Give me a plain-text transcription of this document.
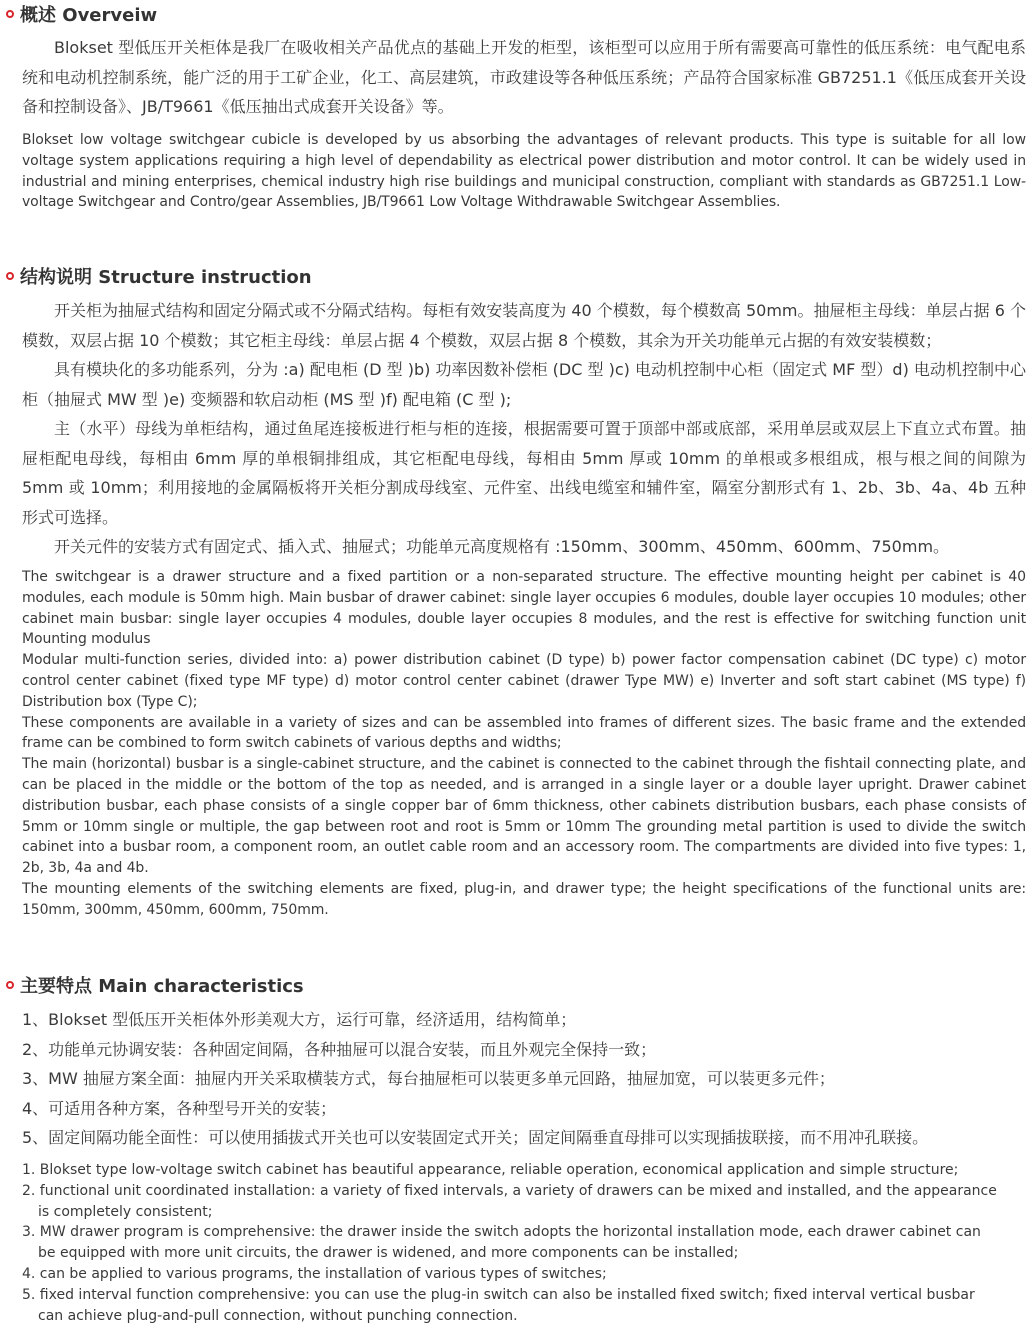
概述 Overveiw

Blokset 型低压开关柜体是我厂在吸收相关产品优点的基础上开发的柜型，该柜型可以应用于所有需要高可靠性的低压系统：电气配电系统和电动机控制系统，能广泛的用于工矿企业，化工、高层建筑，市政建设等各种低压系统；产品符合国家标准 GB7251.1《低压成套开关设备和控制设备》、JB/T9661《低压抽出式成套开关设备》等。

Blokset low voltage switchgear cubicle is developed by us absorbing the advantages of relevant products. This type is suitable for all low voltage system applications requiring a high level of dependability as electrical power distribution and motor control. It can be widely used in industrial and mining enterprises, chemical industry high rise buildings and municipal construction, compliant with standards as GB7251.1 Low-voltage Switchgear and Contro/gear Assemblies, JB/T9661 Low Voltage Withdrawable Switchgear Assemblies.

结构说明 Structure instruction

开关柜为抽屉式结构和固定分隔式或不分隔式结构。每柜有效安装高度为 40 个模数，每个模数高 50mm。抽屉柜主母线：单层占据 6 个模数，双层占据 10 个模数；其它柜主母线：单层占据 4 个模数，双层占据 8 个模数，其余为开关功能单元占据的有效安装模数；

具有模块化的多功能系列，分为 :a) 配电柜 (D 型 )b) 功率因数补偿柜 (DC 型 )c) 电动机控制中心柜（固定式 MF 型）d) 电动机控制中心柜（抽屉式 MW 型 )e) 变频器和软启动柜 (MS 型 )f) 配电箱 (C 型 );

主（水平）母线为单柜结构，通过鱼尾连接板进行柜与柜的连接，根据需要可置于顶部中部或底部，采用单层或双层上下直立式布置。抽屉柜配电母线，每相由 6mm 厚的单根铜排组成，其它柜配电母线，每相由 5mm 厚或 10mm 的单根或多根组成，根与根之间的间隙为 5mm 或 10mm；利用接地的金属隔板将开关柜分割成母线室、元件室、出线电缆室和辅件室，隔室分割形式有 1、2b、3b、4a、4b 五种形式可选择。

开关元件的安装方式有固定式、插入式、抽屉式；功能单元高度规格有 :150mm、300mm、450mm、600mm、750mm。

The switchgear is a drawer structure and a fixed partition or a non-separated structure. The effective mounting height per cabinet is 40 modules, each module is 50mm high. Main busbar of drawer cabinet: single layer occupies 6 modules, double layer occupies 10 modules; other cabinet main busbar: single layer occupies 4 modules, double layer occupies 8 modules, and the rest is effective for switching function unit Mounting modulus

Modular multi-function series, divided into: a) power distribution cabinet (D type) b) power factor compensation cabinet (DC type) c) motor control center cabinet (fixed type MF type) d) motor control center cabinet (drawer Type MW) e) Inverter and soft start cabinet (MS type) f) Distribution box (Type C);

These components are available in a variety of sizes and can be assembled into frames of different sizes. The basic frame and the extended frame can be combined to form switch cabinets of various depths and widths;

The main (horizontal) busbar is a single-cabinet structure, and the cabinet is connected to the cabinet through the fishtail connecting plate, and can be placed in the middle or the bottom of the top as needed, and is arranged in a single layer or a double layer upright. Drawer cabinet distribution busbar, each phase consists of a single copper bar of 6mm thickness, other cabinets distribution busbars, each phase consists of 5mm or 10mm single or multiple, the gap between root and root is 5mm or 10mm The grounding metal partition is used to divide the switch cabinet into a busbar room, a component room, an outlet cable room and an accessory room. The compartments are divided into five types: 1, 2b, 3b, 4a and 4b.

The mounting elements of the switching elements are fixed, plug-in, and drawer type; the height specifications of the functional units are: 150mm, 300mm, 450mm, 600mm, 750mm.

主要特点 Main characteristics
1、Blokset 型低压开关柜体外形美观大方，运行可靠，经济适用，结构简单；
2、功能单元协调安装：各种固定间隔，各种抽屉可以混合安装，而且外观完全保持一致；
3、MW 抽屉方案全面：抽屉内开关采取横装方式，每台抽屉柜可以装更多单元回路，抽屉加宽，可以装更多元件；
4、可适用各种方案，各种型号开关的安装；
5、固定间隔功能全面性：可以使用插拔式开关也可以安装固定式开关；固定间隔垂直母排可以实现插拔联接，而不用冲孔联接。
1. Blokset type low-voltage switch cabinet has beautiful appearance, reliable operation, economical application and simple structure;
2. functional unit coordinated installation: a variety of fixed intervals, a variety of drawers can be mixed and installed, and the appearance is completely consistent;
3. MW drawer program is comprehensive: the drawer inside the switch adopts the horizontal installation mode, each drawer cabinet can be equipped with more unit circuits, the drawer is widened, and more components can be installed;
4. can be applied to various programs, the installation of various types of switches;
5. fixed interval function comprehensive: you can use the plug-in switch can also be installed fixed switch; fixed interval vertical busbar can achieve plug-and-pull connection, without punching connection.
